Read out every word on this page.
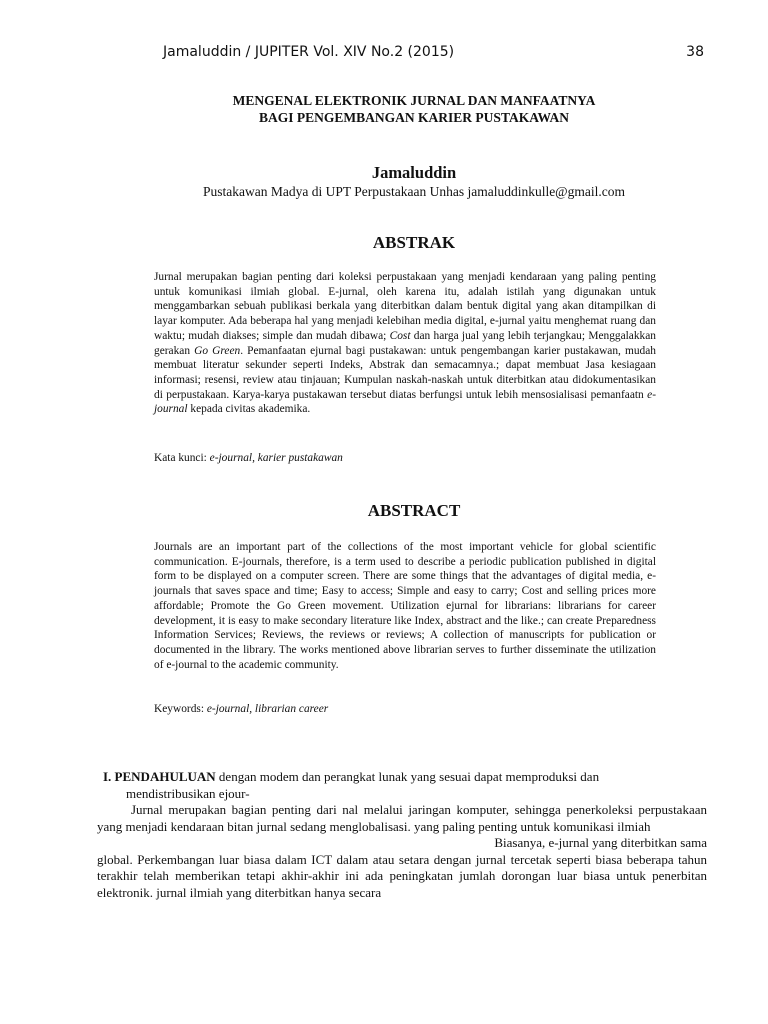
Jamaluddin / JUPITER Vol. XIV No.2 (2015)	38
MENGENAL ELEKTRONIK JURNAL DAN MANFAATNYA
BAGI PENGEMBANGAN KARIER PUSTAKAWAN
Jamaluddin
Pustakawan Madya di UPT Perpustakaan Unhas jamaluddinkulle@gmail.com
ABSTRAK
Jurnal merupakan bagian penting dari koleksi perpustakaan yang menjadi kendaraan yang paling penting untuk komunikasi ilmiah global. E-jurnal, oleh karena itu, adalah istilah yang digunakan untuk menggambarkan sebuah publikasi berkala yang diterbitkan dalam bentuk digital yang akan ditampilkan di layar komputer. Ada beberapa hal yang menjadi kelebihan media digital, e-jurnal yaitu menghemat ruang dan waktu; mudah diakses; simple dan mudah dibawa; Cost dan harga jual yang lebih terjangkau; Menggalakkan gerakan Go Green. Pemanfaatan ejurnal bagi pustakawan: untuk pengembangan karier pustakawan, mudah membuat literatur sekunder seperti Indeks, Abstrak dan semacamnya.; dapat membuat Jasa kesiagaan informasi; resensi, review atau tinjauan; Kumpulan naskah-naskah untuk diterbitkan atau didokumentasikan di perpustakaan. Karya-karya pustakawan tersebut diatas berfungsi untuk lebih mensosialisasi pemanfaatn e-journal kepada civitas akademika.
Kata kunci: e-journal, karier pustakawan
ABSTRACT
Journals are an important part of the collections of the most important vehicle for global scientific communication. E-journals, therefore, is a term used to describe a periodic publication published in digital form to be displayed on a computer screen. There are some things that the advantages of digital media, e-journals that saves space and time; Easy to access; Simple and easy to carry; Cost and selling prices more affordable; Promote the Go Green movement. Utilization ejurnal for librarians: librarians for career development, it is easy to make secondary literature like Index, abstract and the like.; can create Preparedness Information Services; Reviews, the reviews or reviews; A collection of manuscripts for publication or documented in the library. The works mentioned above librarian serves to further disseminate the utilization of e-journal to the academic community.
Keywords: e-journal, librarian career

I. PENDAHULUAN dengan modem dan perangkat lunak yang sesuai dapat memproduksi dan

mendistribusikan ejour-

Jurnal merupakan bagian penting dari nal melalui jaringan komputer, sehingga penerkoleksi perpustakaan yang menjadi kendaraan bitan jurnal sedang menglobalisasi. yang paling penting untuk komunikasi ilmiah

Biasanya, e-jurnal yang diterbitkan sama

global. Perkembangan luar biasa dalam ICT dalam atau setara dengan jurnal tercetak seperti biasa beberapa tahun terakhir telah memberikan tetapi akhir-akhir ini ada peningkatan jumlah dorongan luar biasa untuk penerbitan elektronik. jurnal ilmiah yang diterbitkan hanya secara
